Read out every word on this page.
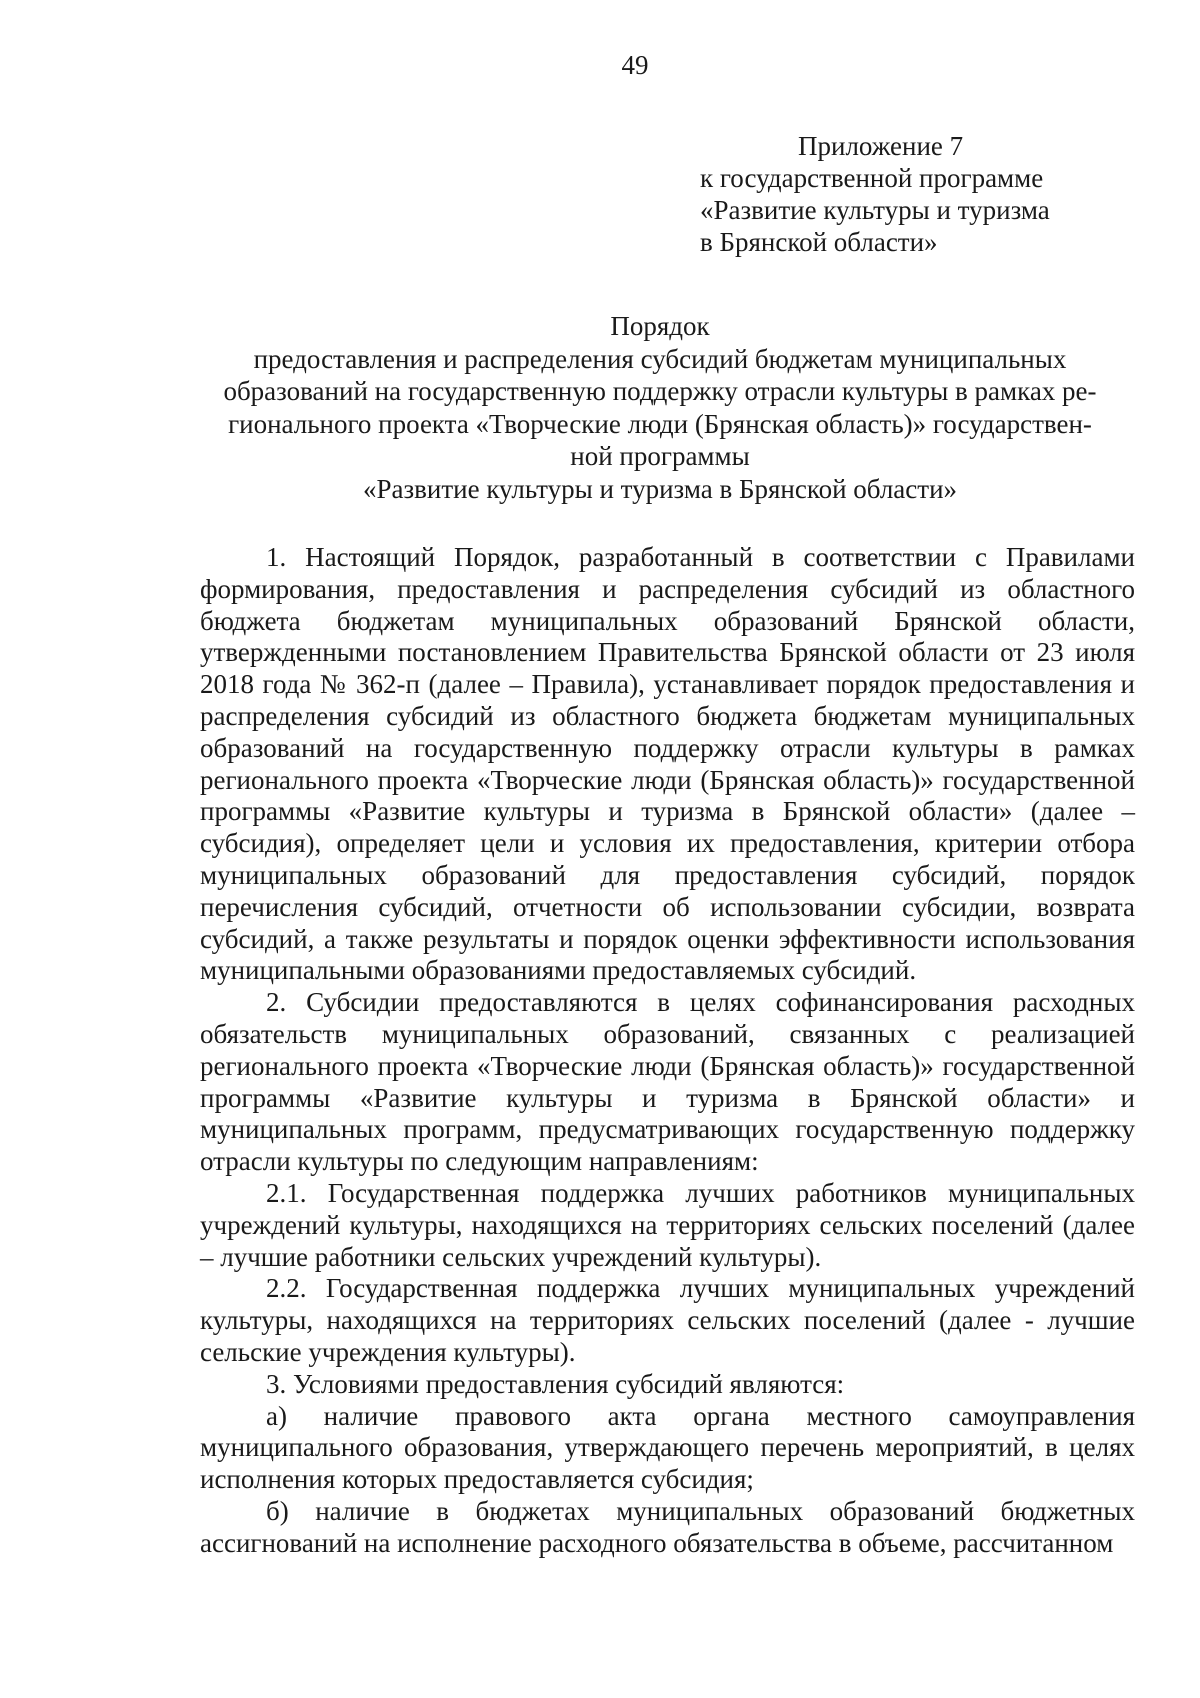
49
Приложение 7
к государственной программе
«Развитие культуры и туризма
в Брянской области»
Порядок
предоставления и распределения субсидий бюджетам муниципальных
образований на государственную поддержку отрасли культуры в рамках ре-
гионального проекта «Творческие люди (Брянская область)» государствен-
ной программы
«Развитие культуры и туризма в Брянской области»

1. Настоящий Порядок, разработанный в соответствии с Правилами формирования, предоставления и распределения субсидий из областного бюджета бюджетам муниципальных образований Брянской области, утвержденными постановлением Правительства Брянской области от 23 июля 2018 года № 362-п (далее – Правила), устанавливает порядок предоставления и распределения субсидий из областного бюджета бюджетам муниципальных образований на государственную поддержку отрасли культуры в рамках регионального проекта «Творческие люди (Брянская область)» государственной программы «Развитие культуры и туризма в Брянской области» (далее – субсидия), определяет цели и условия их предоставления, критерии отбора муниципальных образований для предоставления субсидий, порядок перечисления субсидий, отчетности об использовании субсидии, возврата субсидий, а также результаты и порядок оценки эффективности использования муниципальными образованиями предоставляемых субсидий.

2. Субсидии предоставляются в целях софинансирования расходных обязательств муниципальных образований, связанных с реализацией регионального проекта «Творческие люди (Брянская область)» государственной программы «Развитие культуры и туризма в Брянской области» и муниципальных программ, предусматривающих государственную поддержку отрасли культуры по следующим направлениям:

2.1. Государственная поддержка лучших работников муниципальных учреждений культуры, находящихся на территориях сельских поселений (далее – лучшие работники сельских учреждений культуры).

2.2. Государственная поддержка лучших муниципальных учреждений культуры, находящихся на территориях сельских поселений (далее - лучшие сельские учреждения культуры).

3. Условиями предоставления субсидий являются:

а) наличие правового акта органа местного самоуправления муниципального образования, утверждающего перечень мероприятий, в целях исполнения которых предоставляется субсидия;

б) наличие в бюджетах муниципальных образований бюджетных ассигнований на исполнение расходного обязательства в объеме, рассчитанном
